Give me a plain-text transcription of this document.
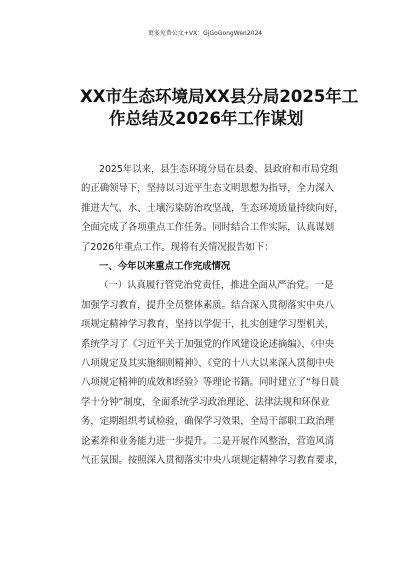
更多免费公文+VX：GjGoGongWen2024
XX市生态环境局XX县分局2025年工
作总结及2026年工作谋划

2025年以来，县生态环境分局在县委、县政府和市局党组
的正确领导下，坚持以习近平生态文明思想为指导，全力深入
推进大气、水、土壤污染防治攻坚战，生态环境质量持续向好，
全面完成了各项重点工作任务。同时结合工作实际，认真谋划
了2026年重点工作。现将有关情况报告如下：

一、今年以来重点工作完成情况

（一）认真履行管党治党责任，推进全面从严治党。一是
加强学习教育，提升全员整体素质。结合深入贯彻落实中央八
项规定精神学习教育，坚持以学促干，扎实创建学习型机关，
系统学习了《习近平关于加强党的作风建设论述摘编》、《中央
八项规定及其实施细则精神》、《党的十八大以来深入贯彻中央
八项规定精神的成效和经验》等理论书籍。同时建立了“每日晨
学十分钟”制度，全面系统学习政治理论、法律法规和环保业
务，定期组织考试检验，确保学习效果，全局干部职工政治理
论素养和业务能力进一步提升。二是开展作风整治，营造风清
气正氛围。按照深入贯彻落实中央八项规定精神学习教育要求，
